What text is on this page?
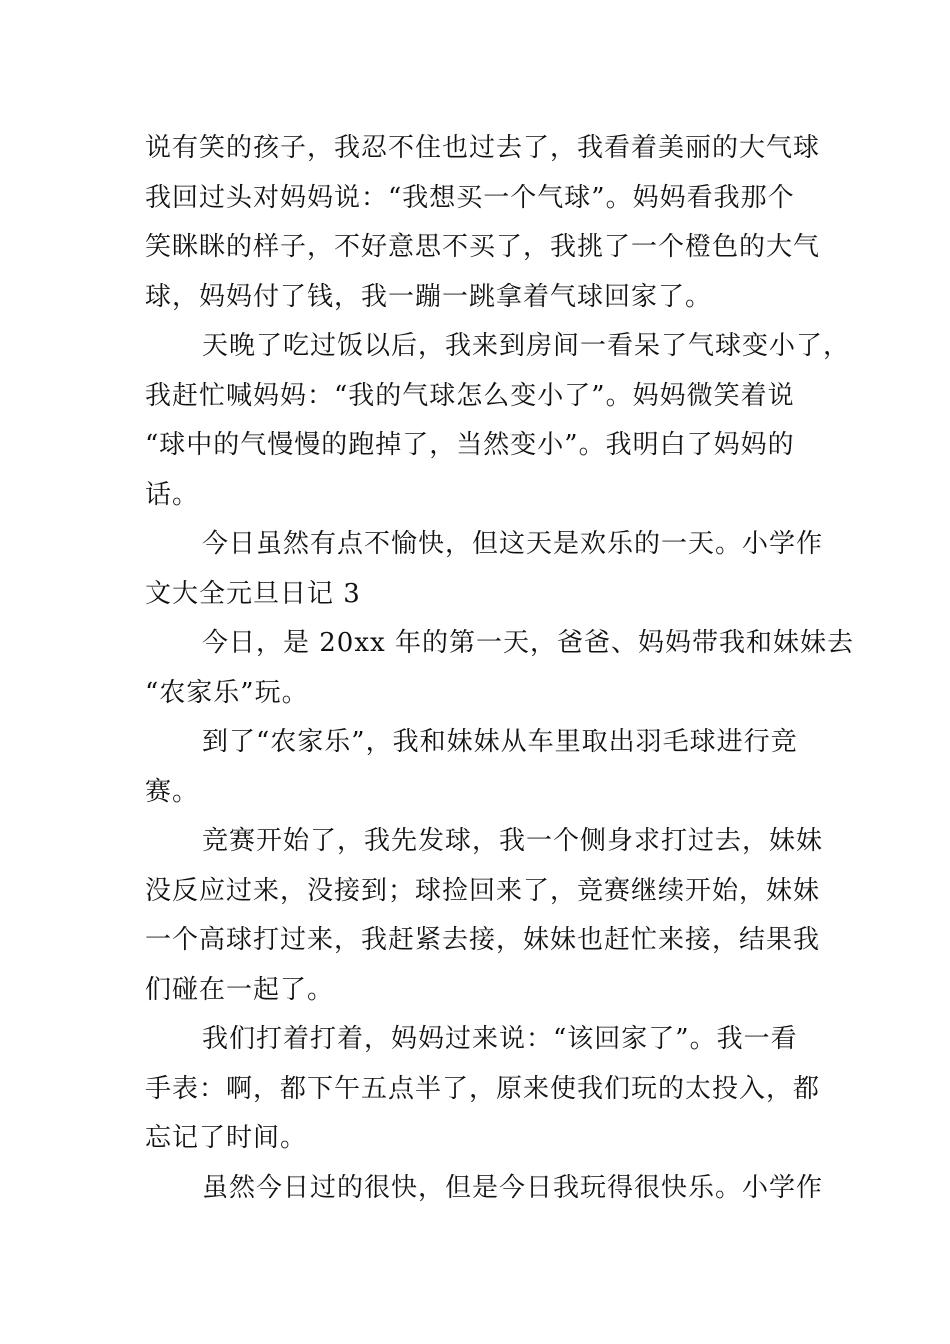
说有笑的孩子，我忍不住也过去了，我看着美丽的大气球
我回过头对妈妈说：“我想买一个气球”。妈妈看我那个
笑眯眯的样子，不好意思不买了，我挑了一个橙色的大气
球，妈妈付了钱，我一蹦一跳拿着气球回家了。
天晚了吃过饭以后，我来到房间一看呆了气球变小了，
我赶忙喊妈妈：“我的气球怎么变小了”。妈妈微笑着说
“球中的气慢慢的跑掉了，当然变小”。我明白了妈妈的
话。
今日虽然有点不愉快，但这天是欢乐的一天。小学作
文大全元旦日记 3
今日，是 20xx 年的第一天，爸爸、妈妈带我和妹妹去
“农家乐”玩。
到了“农家乐”，我和妹妹从车里取出羽毛球进行竞
赛。
竞赛开始了，我先发球，我一个侧身求打过去，妹妹
没反应过来，没接到；球捡回来了，竞赛继续开始，妹妹
一个高球打过来，我赶紧去接，妹妹也赶忙来接，结果我
们碰在一起了。
我们打着打着，妈妈过来说：“该回家了”。我一看
手表：啊，都下午五点半了，原来使我们玩的太投入，都
忘记了时间。
虽然今日过的很快，但是今日我玩得很快乐。小学作
